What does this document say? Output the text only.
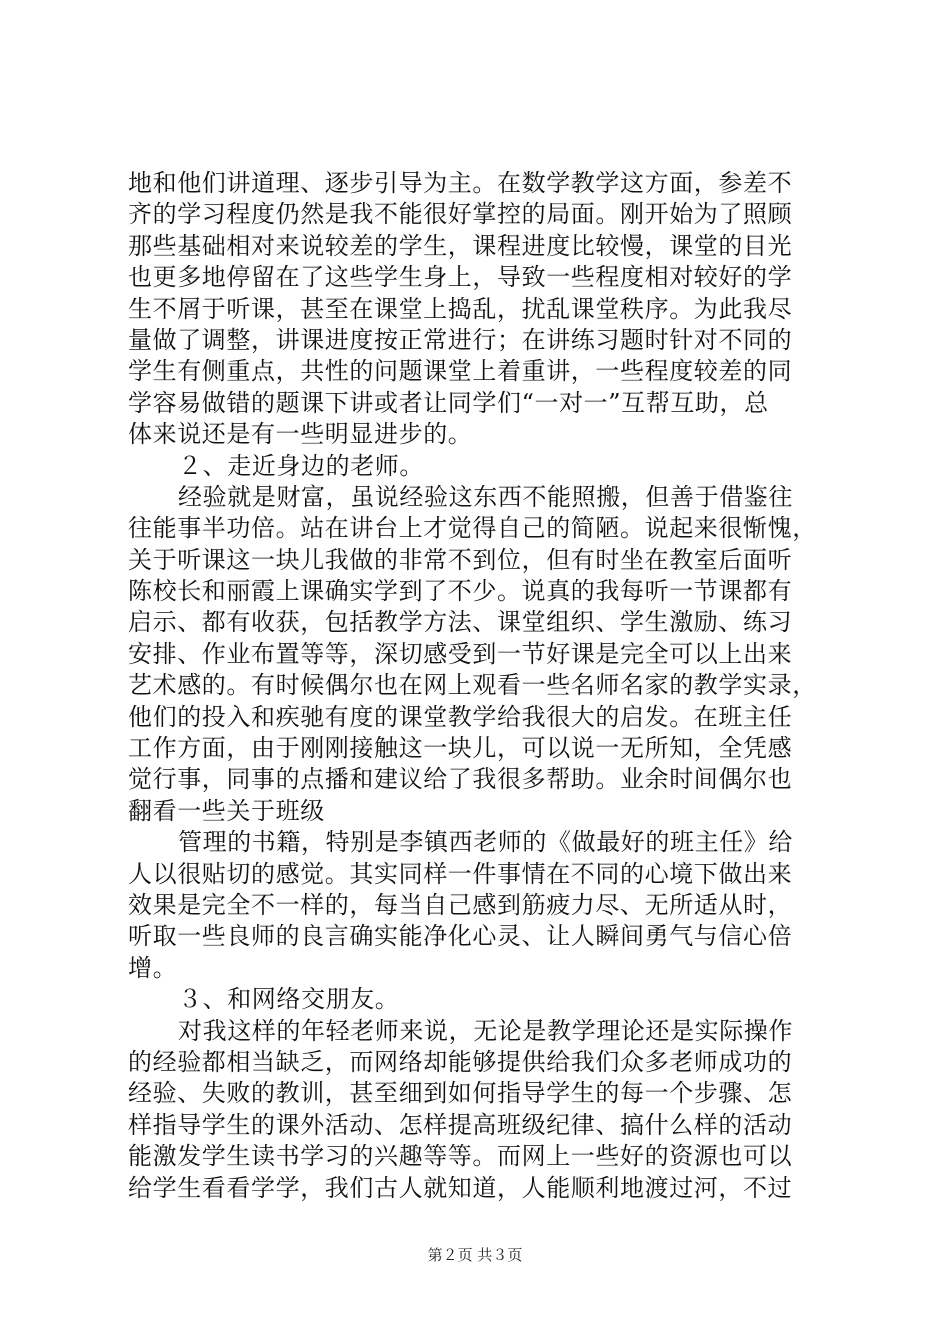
地和他们讲道理、逐步引导为主。在数学教学这方面，参差不
齐的学习程度仍然是我不能很好掌控的局面。刚开始为了照顾
那些基础相对来说较差的学生，课程进度比较慢，课堂的目光
也更多地停留在了这些学生身上，导致一些程度相对较好的学
生不屑于听课，甚至在课堂上捣乱，扰乱课堂秩序。为此我尽
量做了调整，讲课进度按正常进行；在讲练习题时针对不同的
学生有侧重点，共性的问题课堂上着重讲，一些程度较差的同
学容易做错的题课下讲或者让同学们“一对一”互帮互助，总
体来说还是有一些明显进步的。
２、走近身边的老师。
经验就是财富，虽说经验这东西不能照搬，但善于借鉴往
往能事半功倍。站在讲台上才觉得自己的简陋。说起来很惭愧，
关于听课这一块儿我做的非常不到位，但有时坐在教室后面听
陈校长和丽霞上课确实学到了不少。说真的我每听一节课都有
启示、都有收获，包括教学方法、课堂组织、学生激励、练习
安排、作业布置等等，深切感受到一节好课是完全可以上出来
艺术感的。有时候偶尔也在网上观看一些名师名家的教学实录，
他们的投入和疾驰有度的课堂教学给我很大的启发。在班主任
工作方面，由于刚刚接触这一块儿，可以说一无所知，全凭感
觉行事，同事的点播和建议给了我很多帮助。业余时间偶尔也
翻看一些关于班级
管理的书籍，特别是李镇西老师的《做最好的班主任》给
人以很贴切的感觉。其实同样一件事情在不同的心境下做出来
效果是完全不一样的，每当自己感到筋疲力尽、无所适从时，
听取一些良师的良言确实能净化心灵、让人瞬间勇气与信心倍
增。
３、和网络交朋友。
对我这样的年轻老师来说，无论是教学理论还是实际操作
的经验都相当缺乏，而网络却能够提供给我们众多老师成功的
经验、失败的教训，甚至细到如何指导学生的每一个步骤、怎
样指导学生的课外活动、怎样提高班级纪律、搞什么样的活动
能激发学生读书学习的兴趣等等。而网上一些好的资源也可以
给学生看看学学，我们古人就知道，人能顺利地渡过河，不过
第２页 共３页
